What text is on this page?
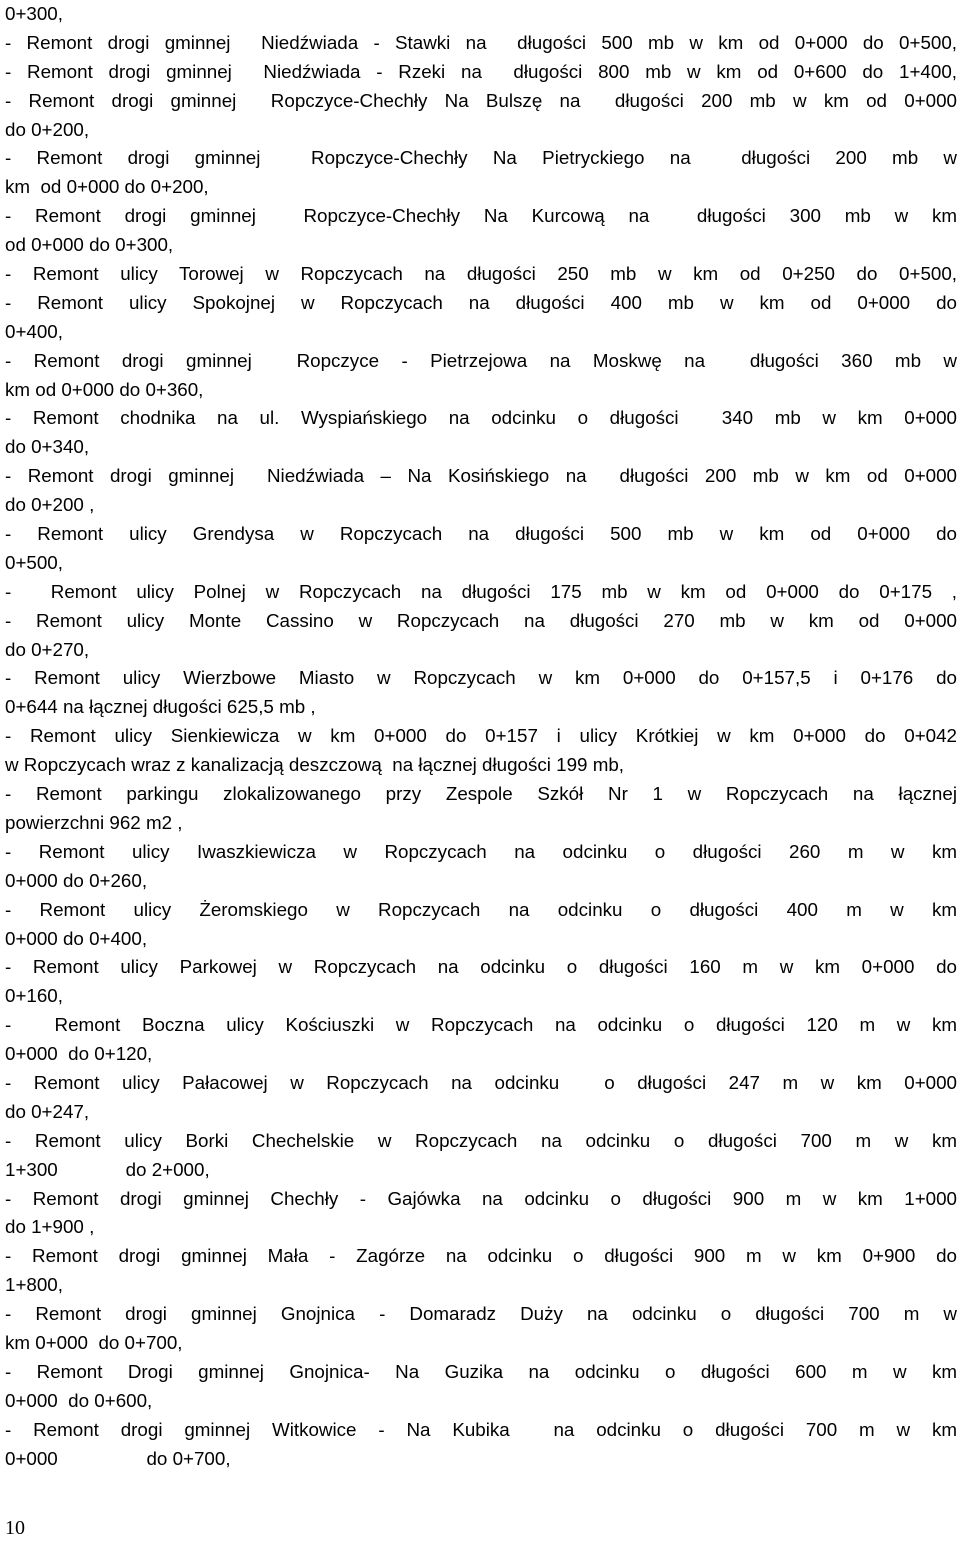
0+300,
- Remont drogi gminnej  Niedźwiada - Stawki na  długości 500 mb w km od 0+000 do 0+500,
- Remont drogi gminnej  Niedźwiada - Rzeki na  długości 800 mb w km od 0+600 do 1+400,
- Remont drogi gminnej  Ropczyce-Chechły Na Bulszę na  długości 200 mb w km od 0+000
do 0+200,
- Remont drogi gminnej  Ropczyce-Chechły Na Pietryckiego na  długości 200 mb w
km  od 0+000 do 0+200,
- Remont drogi gminnej  Ropczyce-Chechły Na Kurcową na  długości 300 mb w km
od 0+000 do 0+300,
- Remont ulicy Torowej w Ropczycach na długości 250 mb w km od 0+250 do 0+500,
- Remont ulicy Spokojnej w Ropczycach na długości 400 mb w km od 0+000 do
0+400,
- Remont drogi gminnej  Ropczyce - Pietrzejowa na Moskwę na  długości 360 mb w
km od 0+000 do 0+360,
- Remont chodnika na ul. Wyspiańskiego na odcinku o długości  340 mb w km 0+000
do 0+340,
- Remont drogi gminnej  Niedźwiada – Na Kosińskiego na  długości 200 mb w km od 0+000
do 0+200 ,
- Remont ulicy Grendysa w Ropczycach na długości 500 mb w km od 0+000 do
0+500,
-  Remont ulicy Polnej w Ropczycach na długości 175 mb w km od 0+000 do 0+175 ,
- Remont ulicy Monte Cassino w Ropczycach na długości 270 mb w km od 0+000
do 0+270,
- Remont ulicy Wierzbowe Miasto w Ropczycach w km 0+000 do 0+157,5 i 0+176 do
0+644 na łącznej długości 625,5 mb ,
- Remont ulicy Sienkiewicza w km 0+000 do 0+157 i ulicy Krótkiej w km 0+000 do 0+042
w Ropczycach wraz z kanalizacją deszczową  na łącznej długości 199 mb,
- Remont parkingu zlokalizowanego przy Zespole Szkół Nr 1 w Ropczycach na łącznej
powierzchni 962 m2 ,
- Remont ulicy Iwaszkiewicza w Ropczycach na odcinku o długości 260 m w km
0+000 do 0+260,
- Remont ulicy Żeromskiego w Ropczycach na odcinku o długości 400 m w km
0+000 do 0+400,
- Remont ulicy Parkowej w Ropczycach na odcinku o długości 160 m w km 0+000 do
0+160,
-  Remont Boczna ulicy Kościuszki w Ropczycach na odcinku o długości 120 m w km
0+000  do 0+120,
- Remont ulicy Pałacowej w Ropczycach na odcinku  o długości 247 m w km 0+000
do 0+247,
- Remont ulicy Borki Chechelskie w Ropczycach na odcinku o długości 700 m w km
1+300             do 2+000,
- Remont drogi gminnej Chechły - Gajówka na odcinku o długości 900 m w km 1+000
do 1+900 ,
- Remont drogi gminnej Mała - Zagórze na odcinku o długości 900 m w km 0+900 do
1+800,
- Remont drogi gminnej Gnojnica - Domaradz Duży na odcinku o długości 700 m w
km 0+000  do 0+700,
- Remont Drogi gminnej Gnojnica- Na Guzika na odcinku o długości 600 m w km
0+000  do 0+600,
- Remont drogi gminnej Witkowice - Na Kubika  na odcinku o długości 700 m w km
0+000                 do 0+700,
10
